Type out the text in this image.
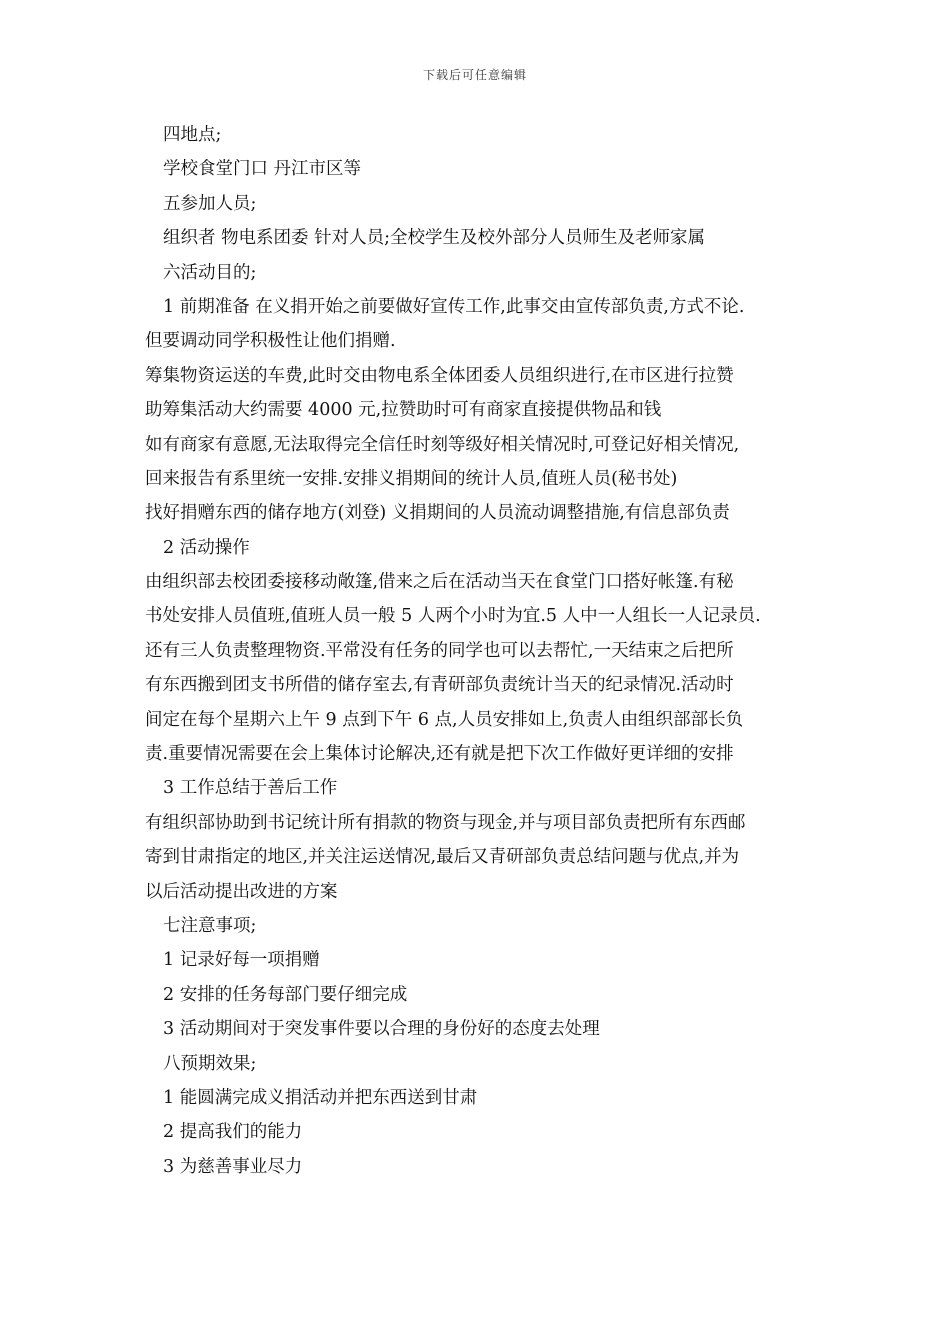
下载后可任意编辑
四地点;
学校食堂门口 丹江市区等
五参加人员;
组织者 物电系团委 针对人员;全校学生及校外部分人员师生及老师家属
六活动目的;
1 前期准备 在义捐开始之前要做好宣传工作,此事交由宣传部负责,方式不论.
但要调动同学积极性让他们捐赠.
筹集物资运送的车费,此时交由物电系全体团委人员组织进行,在市区进行拉赞
助筹集活动大约需要 4000 元,拉赞助时可有商家直接提供物品和钱
如有商家有意愿,无法取得完全信任时刻等级好相关情况时,可登记好相关情况,
回来报告有系里统一安排.安排义捐期间的统计人员,值班人员(秘书处)
找好捐赠东西的储存地方(刘登) 义捐期间的人员流动调整措施,有信息部负责
2 活动操作
由组织部去校团委接移动敞篷,借来之后在活动当天在食堂门口搭好帐篷.有秘
书处安排人员值班,值班人员一般 5 人两个小时为宜.5 人中一人组长一人记录员.
还有三人负责整理物资.平常没有任务的同学也可以去帮忙,一天结束之后把所
有东西搬到团支书所借的储存室去,有青研部负责统计当天的纪录情况.活动时
间定在每个星期六上午 9 点到下午 6 点,人员安排如上,负责人由组织部部长负
责.重要情况需要在会上集体讨论解决,还有就是把下次工作做好更详细的安排
3 工作总结于善后工作
有组织部协助到书记统计所有捐款的物资与现金,并与项目部负责把所有东西邮
寄到甘肃指定的地区,并关注运送情况,最后又青研部负责总结问题与优点,并为
以后活动提出改进的方案
七注意事项;
1 记录好每一项捐赠
2 安排的任务每部门要仔细完成
3 活动期间对于突发事件要以合理的身份好的态度去处理
八预期效果;
1 能圆满完成义捐活动并把东西送到甘肃
2 提高我们的能力
3 为慈善事业尽力
